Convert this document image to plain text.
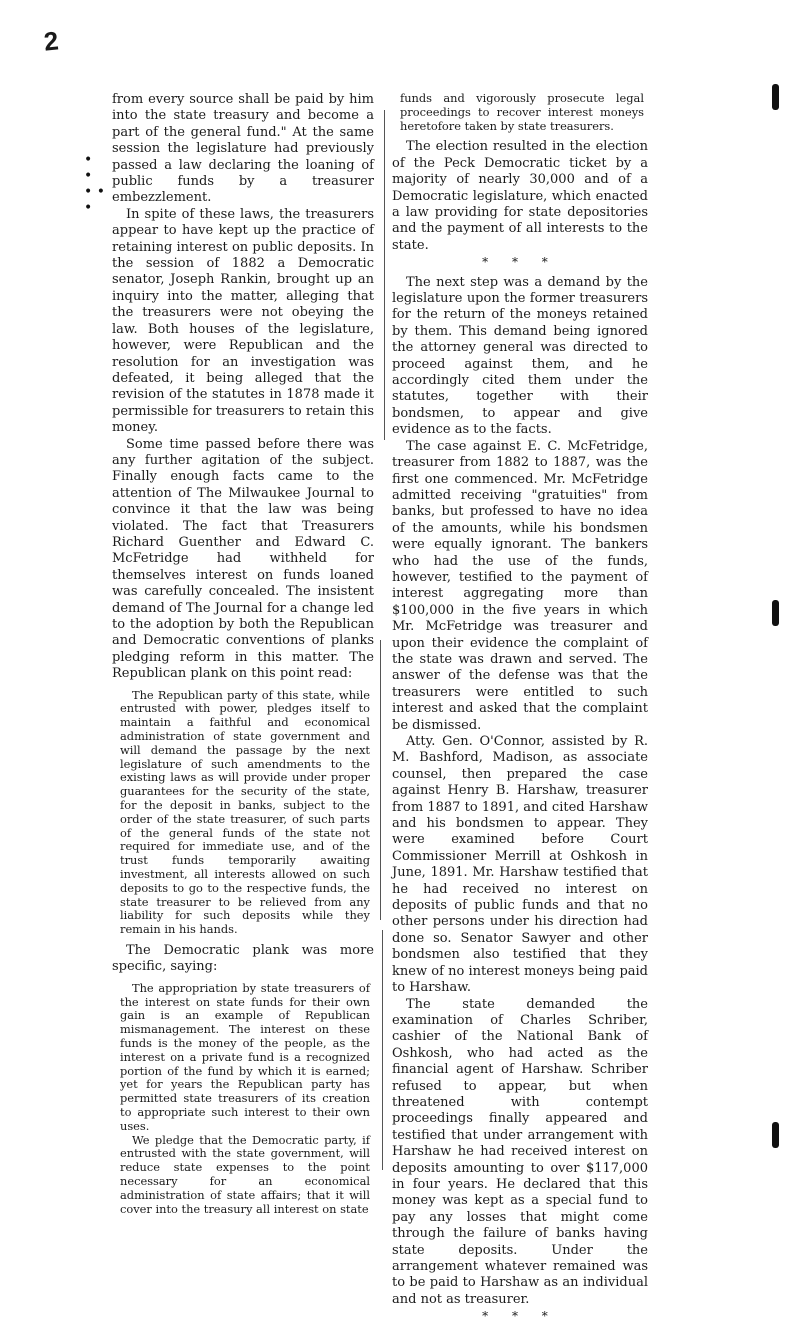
2
•
•
• • •

from every source shall be paid by him into the state treasury and become a part of the general fund." At the same session the legislature had previously passed a law declaring the loaning of public funds by a treasurer embezzlement.

In spite of these laws, the treasurers appear to have kept up the practice of retaining interest on public deposits. In the session of 1882 a Democratic senator, Joseph Rankin, brought up an inquiry into the matter, alleging that the treasurers were not obeying the law. Both houses of the legislature, however, were Republican and the resolution for an investigation was defeated, it being alleged that the revision of the statutes in 1878 made it permissible for treasurers to retain this money.

Some time passed before there was any further agitation of the subject. Finally enough facts came to the attention of The Milwaukee Journal to convince it that the law was being violated. The fact that Treasurers Richard Guenther and Edward C. McFetridge had withheld for themselves interest on funds loaned was carefully concealed. The insistent demand of The Journal for a change led to the adoption by both the Republican and Democratic conventions of planks pledging reform in this matter. The Republican plank on this point read:

The Republican party of this state, while entrusted with power, pledges itself to maintain a faithful and economical administration of state government and will demand the passage by the next legislature of such amendments to the existing laws as will provide under proper guarantees for the security of the state, for the deposit in banks, subject to the order of the state treasurer, of such parts of the general funds of the state not required for immediate use, and of the trust funds temporarily awaiting investment, all interests allowed on such deposits to go to the respective funds, the state treasurer to be relieved from any liability for such deposits while they remain in his hands.

The Democratic plank was more specific, saying:

The appropriation by state treasurers of the interest on state funds for their own gain is an example of Republican mismanagement. The interest on these funds is the money of the people, as the interest on a private fund is a recognized portion of the fund by which it is earned; yet for years the Republican party has permitted state treasurers of its creation to appropriate such interest to their own uses.

We pledge that the Democratic party, if entrusted with the state government, will reduce state expenses to the point necessary for an economical administration of state affairs; that it will cover into the treasury all interest on state

funds and vigorously prosecute legal proceedings to recover interest moneys heretofore taken by state treasurers.

The election resulted in the election of the Peck Democratic ticket by a majority of nearly 30,000 and of a Democratic legislature, which enacted a law providing for state depositories and the payment of all interests to the state.

* * *

The next step was a demand by the legislature upon the former treasurers for the return of the moneys retained by them. This demand being ignored the attorney general was directed to proceed against them, and he accordingly cited them under the statutes, together with their bondsmen, to appear and give evidence as to the facts.

The case against E. C. McFetridge, treasurer from 1882 to 1887, was the first one commenced. Mr. McFetridge admitted receiving "gratuities" from banks, but professed to have no idea of the amounts, while his bondsmen were equally ignorant. The bankers who had the use of the funds, however, testified to the payment of interest aggregating more than $100,000 in the five years in which Mr. McFetridge was treasurer and upon their evidence the complaint of the state was drawn and served. The answer of the defense was that the treasurers were entitled to such interest and asked that the complaint be dismissed.

Atty. Gen. O'Connor, assisted by R. M. Bashford, Madison, as associate counsel, then prepared the case against Henry B. Harshaw, treasurer from 1887 to 1891, and cited Harshaw and his bondsmen to appear. They were examined before Court Commissioner Merrill at Oshkosh in June, 1891. Mr. Harshaw testified that he had received no interest on deposits of public funds and that no other persons under his direction had done so. Senator Sawyer and other bondsmen also testified that they knew of no interest moneys being paid to Harshaw.

The state demanded the examination of Charles Schriber, cashier of the National Bank of Oshkosh, who had acted as the financial agent of Harshaw. Schriber refused to appear, but when threatened with contempt proceedings finally appeared and testified that under arrangement with Harshaw he had received interest on deposits amounting to over $117,000 in four years. He declared that this money was kept as a special fund to pay any losses that might come through the failure of banks having state deposits. Under the arrangement whatever remained was to be paid to Harshaw as an individual and not as treasurer.

* * *
